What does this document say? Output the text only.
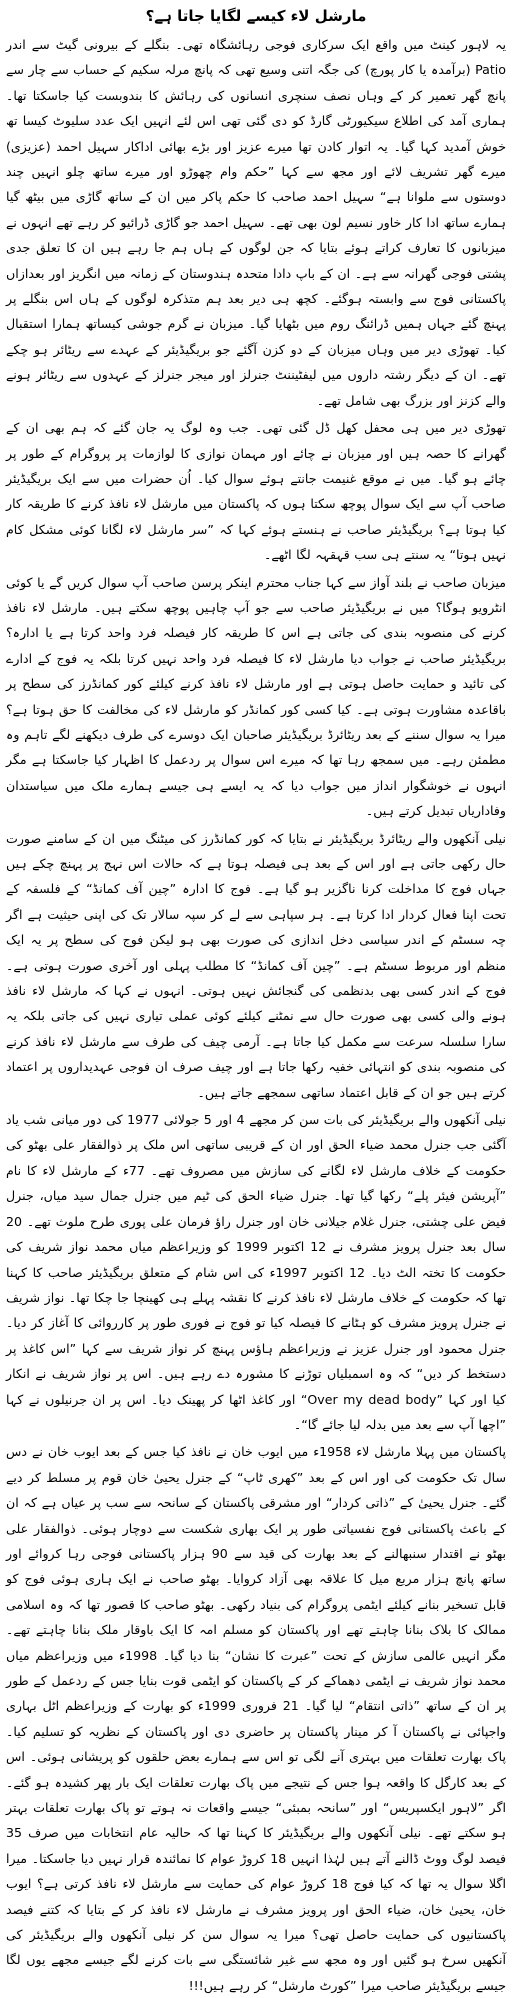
مارشل لاء کیسے لگایا جاتا ہے؟

یہ لاہور کینٹ میں واقع ایک سرکاری فوجی رہائشگاہ تھی۔ بنگلے کے بیرونی گیٹ سے اندر Patio (برآمدہ یا کار پورچ) کی جگہ اتنی وسیع تھی کہ پانچ مرلہ سکیم کے حساب سے چار سے پانچ گھر تعمیر کر کے وہاں نصف سنچری انسانوں کی رہائش کا بندوبست کیا جاسکتا تھا۔ ہماری آمد کی اطلاع سیکیورٹی گارڈ کو دی گئی تھی اس لئے انہیں ایک عدد سلیوٹ کیسا تھ خوش آمدید کہا گیا۔ یہ اتوار کادن تھا میرے عزیز اور بڑے بھائی اداکار سہیل احمد (عزیزی) میرے گھر تشریف لائے اور مجھ سے کہا ”حکم وام چھوڑو اور میرے ساتھ چلو انہیں چند دوستوں سے ملوانا ہے“ سہیل احمد صاحب کا حکم پاکر میں ان کے ساتھ گاڑی میں بیٹھ گیا ہمارے ساتھ ادا کار خاور نسیم لون بھی تھے۔ سہیل احمد جو گاڑی ڈرائیو کر رہے تھے انہوں نے میزبانوں کا تعارف کراتے ہوئے بتایا کہ جن لوگوں کے ہاں ہم جا رہے ہیں ان کا تعلق جدی پشتی فوجی گھرانہ سے ہے۔ ان کے باپ دادا متحدہ ہندوستان کے زمانہ میں انگریز اور بعدازاں پاکستانی فوج سے وابستہ ہوگئے۔ کچھ ہی دیر بعد ہم متذکرہ لوگوں کے ہاں اس بنگلے پر پہنچ گئے جہاں ہمیں ڈرائنگ روم میں بٹھایا گیا۔ میزبان نے گرم جوشی کیساتھ ہمارا استقبال کیا۔ تھوڑی دیر میں وہاں میزبان کے دو کزن آگئے جو بریگیڈیئر کے عہدے سے ریٹائر ہو چکے تھے۔ ان کے دیگر رشتہ داروں میں لیفٹیننٹ جنرلز اور میجر جنرلز کے عہدوں سے ریٹائر ہونے والے کزنز اور بزرگ بھی شامل تھے۔

تھوڑی دیر میں ہی محفل کھل ڈل گئی تھی۔ جب وہ لوگ یہ جان گئے کہ ہم بھی ان کے گھرانے کا حصہ ہیں اور میزبان نے چائے اور مہمان نوازی کا لوازمات پر پروگرام کے طور پر چائے ہو گیا۔ میں نے موقع غنیمت جانتے ہوئے سوال کیا۔ اُن حضرات میں سے ایک بریگیڈیئر صاحب آپ سے ایک سوال پوچھ سکتا ہوں کہ پاکستان میں مارشل لاء نافذ کرنے کا طریقہ کار کیا ہوتا ہے؟ بریگیڈیئر صاحب نے ہنستے ہوئے کہا کہ ”سر مارشل لاء لگانا کوئی مشکل کام نہیں ہوتا“ یہ سنتے ہی سب قہقہہ لگا اٹھے۔

میزبان صاحب نے بلند آواز سے کہا جناب محترم اینکر پرسن صاحب آپ سوال کریں گے یا کوئی انٹرویو ہوگا؟ میں نے بریگیڈیئر صاحب سے جو آپ چاہیں پوچھ سکتے ہیں۔ مارشل لاء نافذ کرنے کی منصوبہ بندی کی جاتی ہے اس کا طریقہ کار فیصلہ فرد واحد کرتا ہے یا ادارہ؟ بریگیڈیئر صاحب نے جواب دیا مارشل لاء کا فیصلہ فرد واحد نہیں کرتا بلکہ یہ فوج کے ادارے کی تائید و حمایت حاصل ہوتی ہے اور مارشل لاء نافذ کرنے کیلئے کور کمانڈرز کی سطح پر باقاعدہ مشاورت ہوتی ہے۔ کیا کسی کور کمانڈر کو مارشل لاء کی مخالفت کا حق ہوتا ہے؟ میرا یہ سوال سننے کے بعد ریٹائرڈ بریگیڈیئر صاحبان ایک دوسرے کی طرف دیکھنے لگے تاہم وہ مطمئن رہے۔ میں سمجھ رہا تھا کہ میرے اس سوال پر ردعمل کا اظہار کیا جاسکتا ہے مگر انہوں نے خوشگوار انداز میں جواب دیا کہ یہ ایسے ہی جیسے ہمارے ملک میں سیاستدان وفاداریاں تبدیل کرتے ہیں۔

نیلی آنکھوں والے ریٹائرڈ بریگیڈیئر نے بتایا کہ کور کمانڈرز کی میٹنگ میں ان کے سامنے صورت حال رکھی جاتی ہے اور اس کے بعد ہی فیصلہ ہوتا ہے کہ حالات اس نہج پر پہنچ چکے ہیں جہاں فوج کا مداخلت کرنا ناگزیر ہو گیا ہے۔ فوج کا ادارہ ”چین آف کمانڈ“ کے فلسفہ کے تحت اپنا فعال کردار ادا کرتا ہے۔ ہر سپاہی سے لے کر سپہ سالار تک کی اپنی حیثیت ہے اگر چہ سسٹم کے اندر سیاسی دخل اندازی کی صورت بھی ہو لیکن فوج کی سطح پر یہ ایک منظم اور مربوط سسٹم ہے۔ ”چین آف کمانڈ“ کا مطلب پہلی اور آخری صورت ہوتی ہے۔ فوج کے اندر کسی بھی بدنظمی کی گنجائش نہیں ہوتی۔ انہوں نے کہا کہ مارشل لاء نافذ ہونے والی کسی بھی صورت حال سے نمٹنے کیلئے کوئی عملی تیاری نہیں کی جاتی بلکہ یہ سارا سلسلہ سرعت سے مکمل کیا جاتا ہے۔ آرمی چیف کی طرف سے مارشل لاء نافذ کرنے کی منصوبہ بندی کو انتہائی خفیہ رکھا جاتا ہے اور چیف صرف ان فوجی عہدیداروں پر اعتماد کرتے ہیں جو ان کے قابل اعتماد ساتھی سمجھے جاتے ہیں۔

نیلی آنکھوں والے بریگیڈیئر کی بات سن کر مجھے 4 اور 5 جولائی 1977 کی دور میانی شب یاد آگئی جب جنرل محمد ضیاء الحق اور ان کے قریبی ساتھی اس ملک پر ذوالفقار علی بھٹو کی حکومت کے خلاف مارشل لاء لگانے کی سازش میں مصروف تھے۔ 77ء کے مارشل لاء کا نام ”آپریشن فیئر پلے“ رکھا گیا تھا۔ جنرل ضیاء الحق کی ٹیم میں جنرل جمال سید میاں، جنرل فیض علی چشتی، جنرل غلام جیلانی خان اور جنرل راؤ فرمان علی پوری طرح ملوث تھے۔ 20 سال بعد جنرل پرویز مشرف نے 12 اکتوبر 1999 کو وزیراعظم میاں محمد نواز شریف کی حکومت کا تختہ الٹ دیا۔ 12 اکتوبر 1997ء کی اس شام کے متعلق بریگیڈیئر صاحب کا کہنا تھا کہ حکومت کے خلاف مارشل لاء نافذ کرنے کا نقشہ پہلے ہی کھینچا جا چکا تھا۔ نواز شریف نے جنرل پرویز مشرف کو ہٹانے کا فیصلہ کیا تو فوج نے فوری طور پر کارروائی کا آغاز کر دیا۔ جنرل محمود اور جنرل عزیز نے وزیراعظم ہاؤس پہنچ کر نواز شریف سے کہا ”اس کاغذ پر دستخط کر دیں“ کہ وہ اسمبلیاں توڑنے کا مشورہ دے رہے ہیں۔ اس پر نواز شریف نے انکار کیا اور کہا ”Over my dead body“ اور کاغذ اٹھا کر پھینک دیا۔ اس پر ان جرنیلوں نے کہا ”اچھا آپ سے بعد میں بدلہ لیا جائے گا“۔

پاکستان میں پہلا مارشل لاء 1958ء میں ایوب خان نے نافذ کیا جس کے بعد ایوب خان نے دس سال تک حکومت کی اور اس کے بعد ”کھری ٹاپ“ کے جنرل یحییٰ خان قوم پر مسلط کر دیے گئے۔ جنرل یحییٰ کے ”ذاتی کردار“ اور مشرقی پاکستان کے سانحہ سے سب پر عیاں ہے کہ ان کے باعث پاکستانی فوج نفسیاتی طور پر ایک بھاری شکست سے دوچار ہوئی۔ ذوالفقار علی بھٹو نے اقتدار سنبھالنے کے بعد بھارت کی قید سے 90 ہزار پاکستانی فوجی رہا کروائے اور ساتھ پانچ ہزار مربع میل کا علاقہ بھی آزاد کروایا۔ بھٹو صاحب نے ایک ہاری ہوئی فوج کو قابل تسخیر بنانے کیلئے ایٹمی پروگرام کی بنیاد رکھی۔ بھٹو صاحب کا قصور تھا کہ وہ اسلامی ممالک کا بلاک بنانا چاہتے تھے اور پاکستان کو مسلم امہ کا ایک باوقار ملک بنانا چاہتے تھے۔ مگر انہیں عالمی سازش کے تحت ”عبرت کا نشان“ بنا دیا گیا۔ 1998ء میں وزیراعظم میاں محمد نواز شریف نے ایٹمی دھماکے کر کے پاکستان کو ایٹمی قوت بنایا جس کے ردعمل کے طور پر ان کے ساتھ ”ذاتی انتقام“ لیا گیا۔ 21 فروری 1999ء کو بھارت کے وزیراعظم اٹل بہاری واجپائی نے پاکستان آ کر مینار پاکستان پر حاضری دی اور پاکستان کے نظریہ کو تسلیم کیا۔ پاک بھارت تعلقات میں بہتری آنے لگی تو اس سے ہمارے بعض حلقوں کو پریشانی ہوئی۔ اس کے بعد کارگل کا واقعہ ہوا جس کے نتیجے میں پاک بھارت تعلقات ایک بار پھر کشیدہ ہو گئے۔ اگر ”لاہور ایکسپریس“ اور ”سانحہ بمبئی“ جیسے واقعات نہ ہوتے تو پاک بھارت تعلقات بہتر ہو سکتے تھے۔ نیلی آنکھوں والے بریگیڈیئر کا کہنا تھا کہ حالیہ عام انتخابات میں صرف 35 فیصد لوگ ووٹ ڈالنے آتے ہیں لہٰذا انہیں 18 کروڑ عوام کا نمائندہ قرار نہیں دیا جاسکتا۔ میرا اگلا سوال یہ تھا کہ کیا فوج 18 کروڑ عوام کی حمایت سے مارشل لاء نافذ کرتی ہے؟ ایوب خان، یحییٰ خان، ضیاء الحق اور پرویز مشرف نے مارشل لاء نافذ کر کے بتایا کہ کتنے فیصد پاکستانیوں کی حمایت حاصل تھی؟ میرا یہ سوال سن کر نیلی آنکھوں والے بریگیڈیئر کی آنکھیں سرخ ہو گئیں اور وہ مجھ سے غیر شائستگی سے بات کرنے لگے جیسے مجھے یوں لگا جیسے بریگیڈیئر صاحب میرا ”کورٹ مارشل“ کر رہے ہیں!!!
